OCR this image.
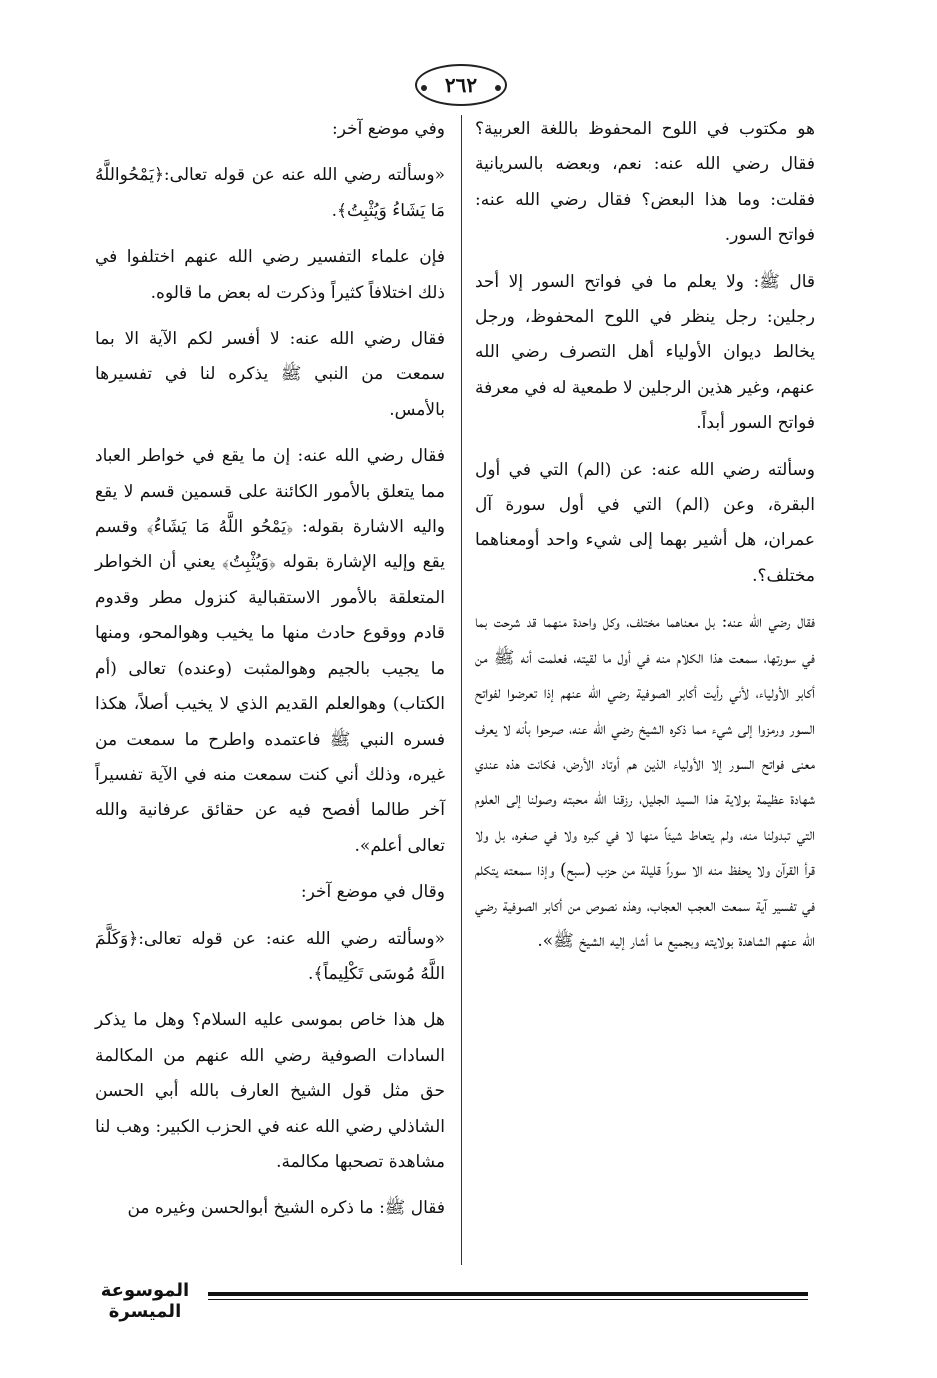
٢٦٢

هو مكتوب في اللوح المحفوظ باللغة العربية؟ فقال رضي الله عنه: نعم، وبعضه بالسريانية فقلت: وما هذا البعض؟ فقال رضي الله عنه: فواتح السور.

قال ﷺ: ولا يعلم ما في فواتح السور إلا أحد رجلين: رجل ينظر في اللوح المحفوظ، ورجل يخالط ديوان الأولياء أهل التصرف رضي الله عنهم، وغير هذين الرجلين لا طمعية له في معرفة فواتح السور أبداً.

وسألته رضي الله عنه: عن (الم) التي في أول البقرة، وعن (الم) التي في أول سورة آل عمران، هل أشير بهما إلى شيء واحد أومعناهما مختلف؟.

فقال رضي الله عنه: بل معناهما مختلف، وكل واحدة منهما قد شرحت بما في سورتها، سمعت هذا الكلام منه في أول ما لقيته، فعلمت أنه ﷺ من أكابر الأولياء، لأني رأيت أكابر الصوفية رضي الله عنهم إذا تعرضوا لفواتح السور ورمزوا إلى شيء مما ذكره الشيخ رضي الله عنه، صرحوا بأنه لا يعرف معنى فواتح السور إلا الأولياء الذين هم أوتاد الأرض، فكانت هذه عندي شهادة عظيمة بولاية هذا السيد الجليل، رزقنا الله محبته وصولنا إلى العلوم التي تبدولنا منه، ولم يتعاط شيئاً منها لا في كبره ولا في صغره، بل ولا قرأ القرآن ولا يحفظ منه الا سوراً قليلة من حزب (سبح) وإذا سمعته يتكلم في تفسير آية سمعت العجب العجاب، وهذه نصوص من أكابر الصوفية رضي الله عنهم الشاهدة بولايته وبجميع ما أشار إليه الشيخ ﷺ».

وفي موضع آخر:

«وسألته رضي الله عنه عن قوله تعالى:﴿يَمْحُواللَّهُ مَا يَشَاءُ وَيُثْبِتُ﴾.

فإن علماء التفسير رضي الله عنهم اختلفوا في ذلك اختلافاً كثيراً وذكرت له بعض ما قالوه.

فقال رضي الله عنه: لا أفسر لكم الآية الا بما سمعت من النبي ﷺ يذكره لنا في تفسيرها بالأمس.

فقال رضي الله عنه: إن ما يقع في خواطر العباد مما يتعلق بالأمور الكائنة على قسمين قسم لا يقع واليه الاشارة بقوله: ﴿يَمْحُو اللَّهُ مَا يَشَاءُ﴾ وقسم يقع وإليه الإشارة بقوله ﴿وَيُثْبِتُ﴾ يعني أن الخواطر المتعلقة بالأمور الاستقبالية كنزول مطر وقدوم قادم ووقوع حادث منها ما يخيب وهوالمحو، ومنها ما يجيب بالجيم وهوالمثبت (وعنده) تعالى (أم الكتاب) وهوالعلم القديم الذي لا يخيب أصلاً، هكذا فسره النبي ﷺ فاعتمده واطرح ما سمعت من غيره، وذلك أني كنت سمعت منه في الآية تفسيراً آخر طالما أفصح فيه عن حقائق عرفانية والله تعالى أعلم».

وقال في موضع آخر:

«وسألته رضي الله عنه: عن قوله تعالى:﴿وَكَلَّمَ اللَّهُ مُوسَى تَكْلِيماً﴾.

هل هذا خاص بموسى عليه السلام؟ وهل ما يذكر السادات الصوفية رضي الله عنهم من المكالمة حق مثل قول الشيخ العارف بالله أبي الحسن الشاذلي رضي الله عنه في الحزب الكبير: وهب لنا مشاهدة تصحبها مكالمة.

فقال ﷺ: ما ذكره الشيخ أبوالحسن وغيره من

الموسوعة الميسرة
